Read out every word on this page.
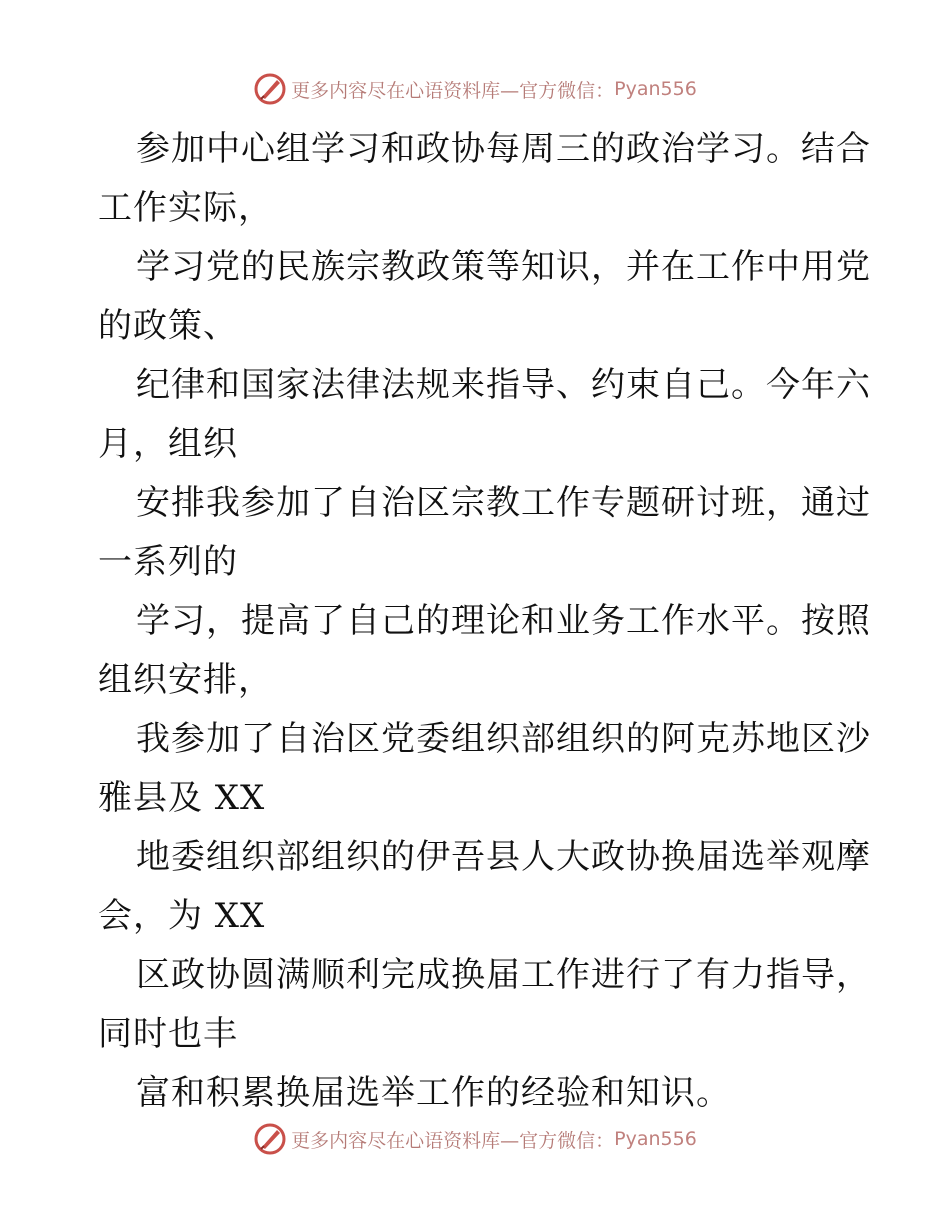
更多内容尽在心语资料库—官方微信： Pyan556
参加中心组学习和政协每周三的政治学习。结合
工作实际，
学习党的民族宗教政策等知识，并在工作中用党
的政策、
纪律和国家法律法规来指导、约束自己。今年六
月，组织
安排我参加了自治区宗教工作专题研讨班，通过
一系列的
学习，提高了自己的理论和业务工作水平。按照
组织安排，
我参加了自治区党委组织部组织的阿克苏地区沙
雅县及 XX
地委组织部组织的伊吾县人大政协换届选举观摩
会，为 XX
区政协圆满顺利完成换届工作进行了有力指导，
同时也丰
富和积累换届选举工作的经验和知识。
更多内容尽在心语资料库—官方微信： Pyan556
